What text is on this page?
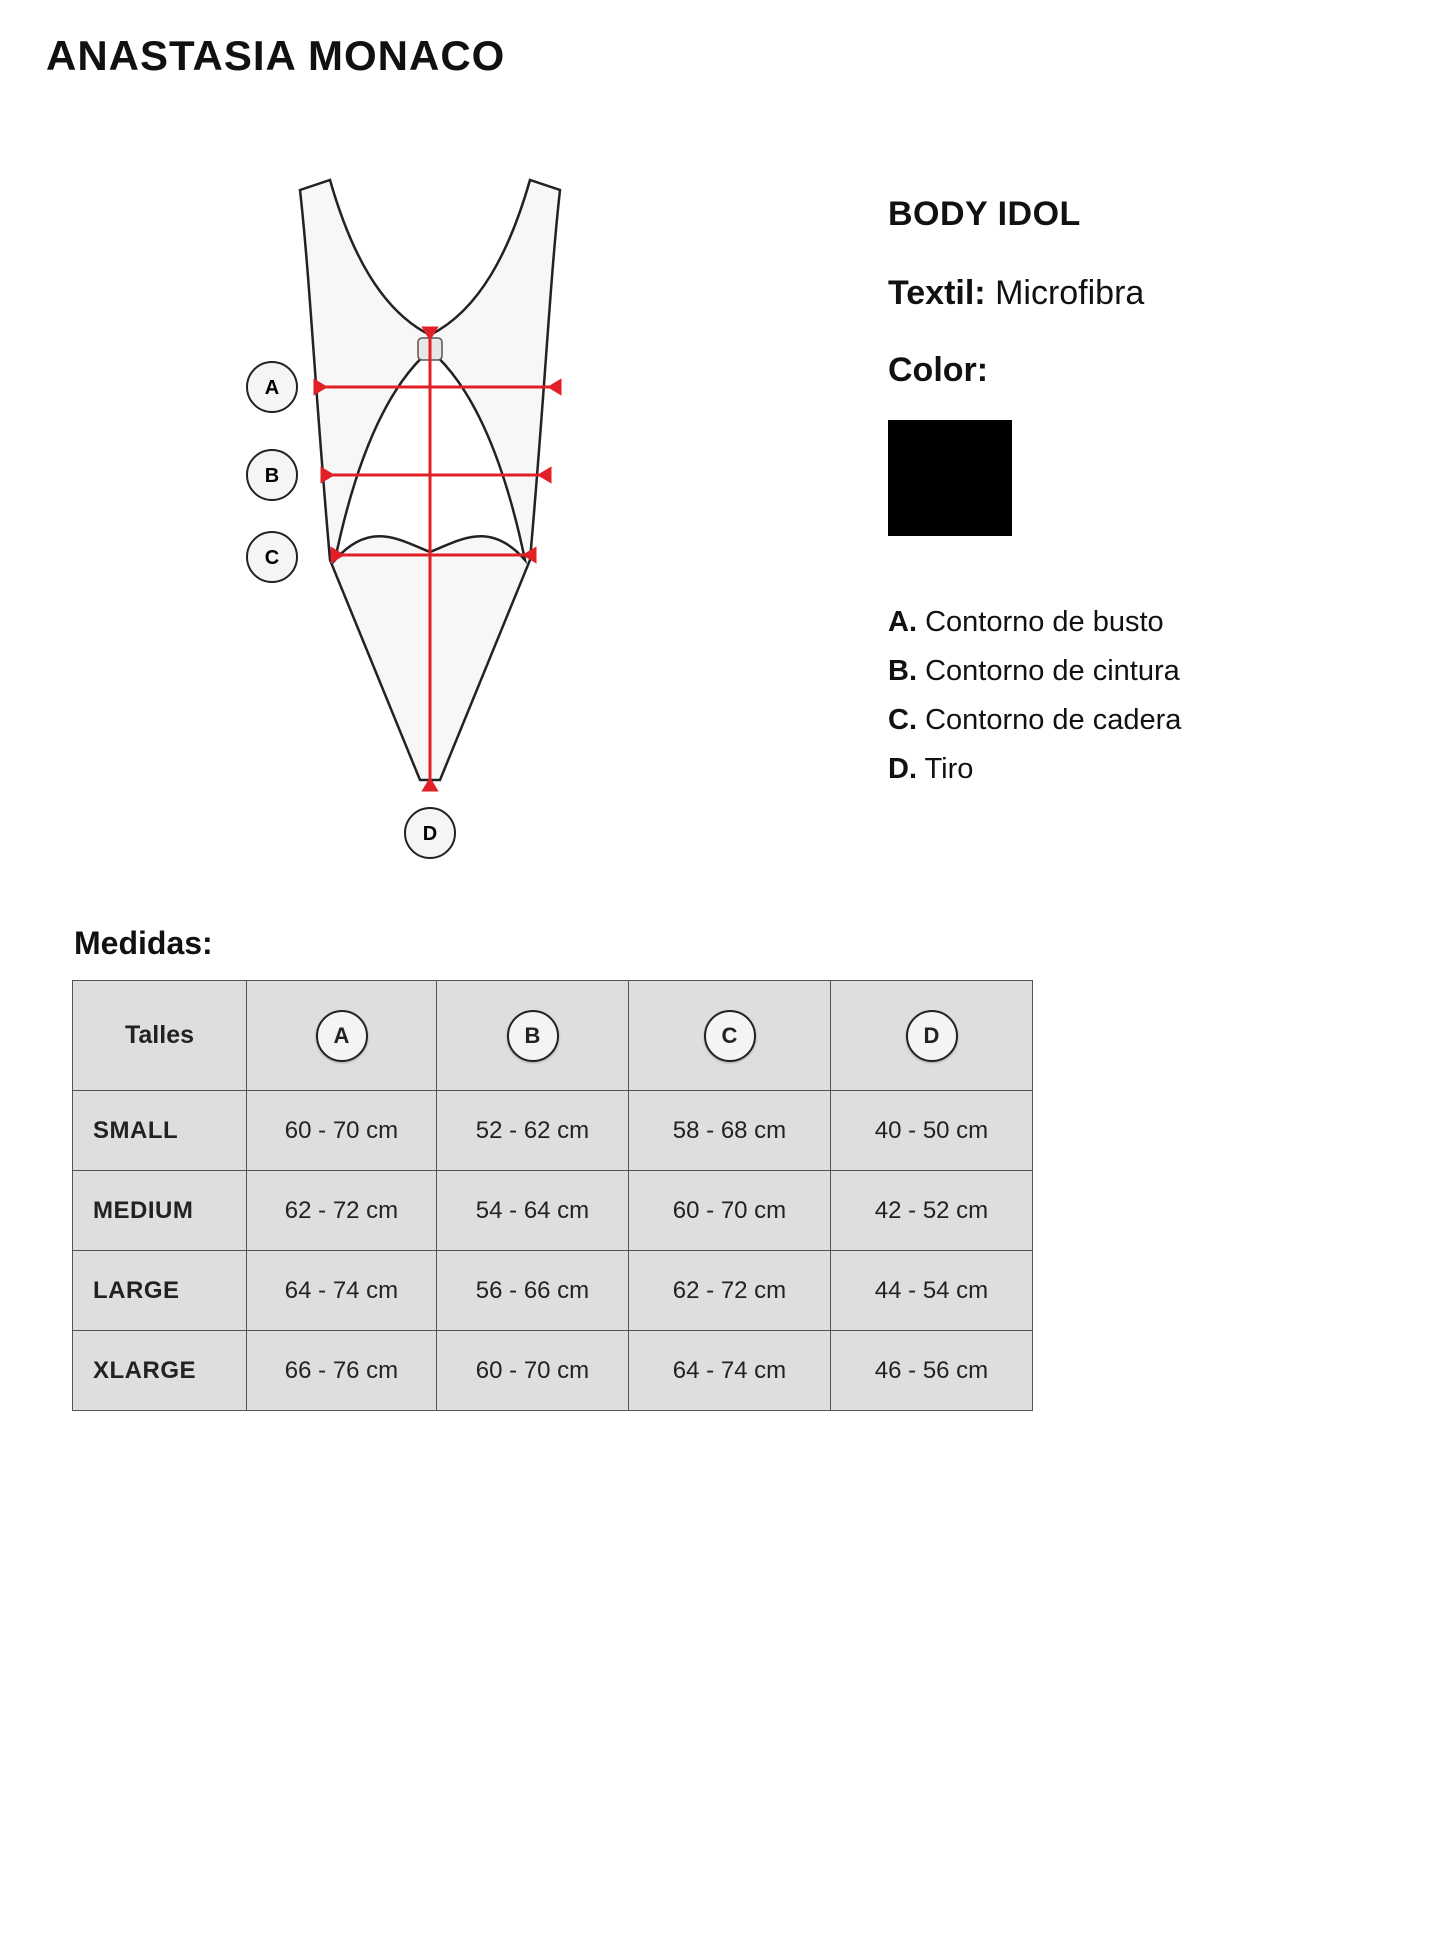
ANASTASIA MONACO
A
B
C
D
BODY IDOL
Textil: Microfibra
Color:
A. Contorno de busto
B. Contorno de cintura
C. Contorno de cadera
D. Tiro
Medidas:
Talles	A	B	C	D
SMALL	60 - 70 cm	52 - 62 cm	58 - 68 cm	40 - 50 cm
MEDIUM	62 - 72 cm	54 - 64 cm	60 - 70 cm	42 - 52 cm
LARGE	64 - 74 cm	56 - 66 cm	62 - 72 cm	44 - 54 cm
XLARGE	66 - 76 cm	60 - 70 cm	64 - 74 cm	46 - 56 cm
